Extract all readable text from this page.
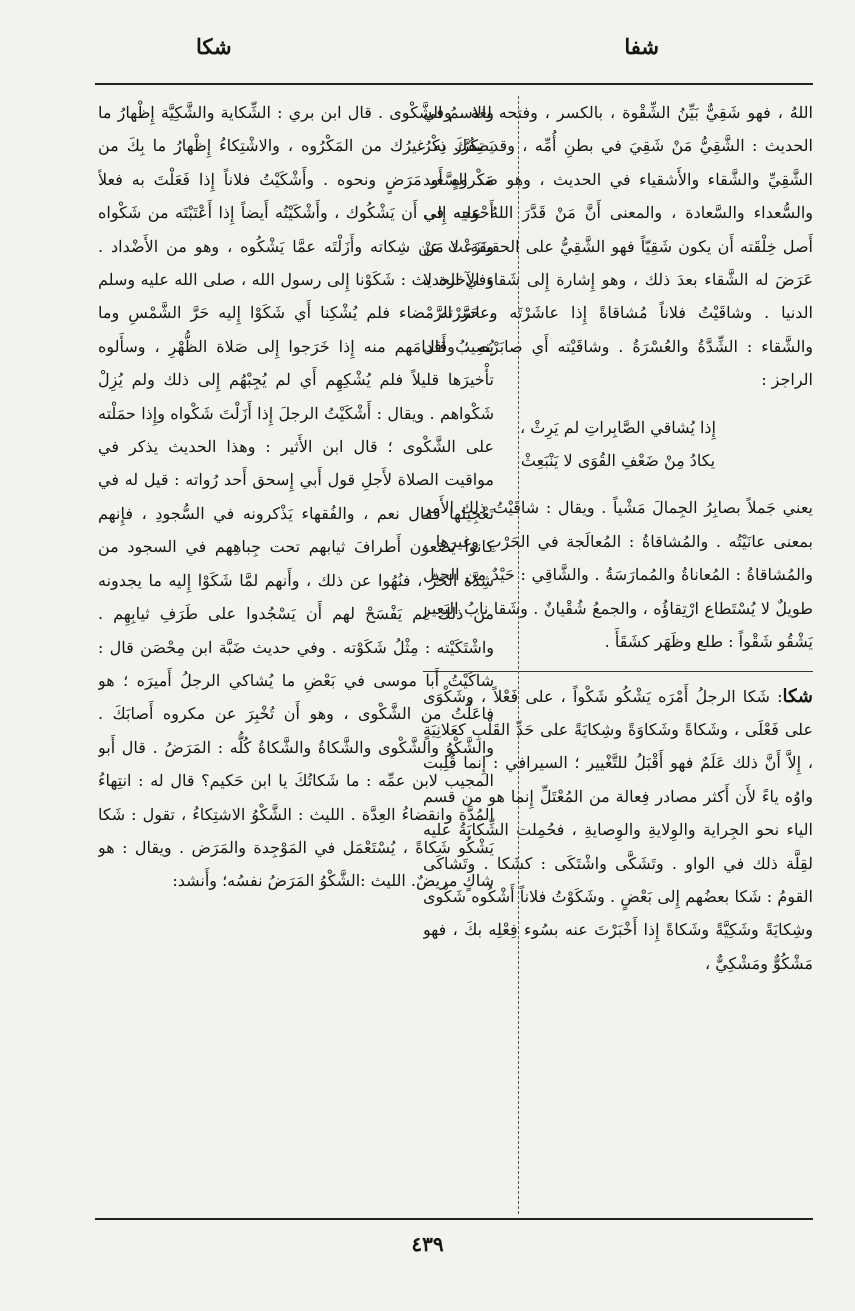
شفا
شكا

اللهُ ، فهو شَقِيٌّ بَيِّنُ الشِّقْوة ، بالكسر ، وفتحه لغة . وفي الحديث : الشَّقِيُّ مَنْ شَقِيَ في بطنِ أُمِّه ، وقد تكرَّر ذِكْرُ الشَّقِيِّ والشَّقاء والأَشقياء في الحديث ، وهو ضد السَّعيد والسُّعداء والسَّعادة ، والمعنى أَنَّ مَنْ قَدَّرَ اللهُ عليه في أَصل خِلْقَته أَن يكون شَقِيّاً فهو الشَّقِيُّ على الحقيقة، لا مَنْ عَرَضَ له الشَّقاء بعدَ ذلك ، وهو إِشارة إِلى شَقاء الآخرة لا الدنيا . وشاقَيْتُ فلاناً مُشاقاةً إِذا عاشَرْتَه وعاسَرْته . والشَّقاء : الشِّدَّةُ والعُسْرَةُ . وشاقَيْته أَي صابَرْته ؛ وقال الراجز :

إِذا يُشاقي الصَّابِراتِ لم يَرِثْ ،

يكادُ مِنْ ضَعْفِ القُوَى لا يَنْبَعِثْ

يعني جَملاً بصابِرُ الجِمالَ مَشْياً . ويقال : شاقَيْتُ ذلك الأَمر بمعنى عانَيْتُه . والمُشاقاةُ : المُعالَجة في الحَرْبِ وغيرها . والمُشاقاةُ : المُعاناةُ والمُمارَسَةُ . والشَّاقِي : حَيْدٌ من الجبل طويلٌ لا يُسْتَطاع ارْتِقاؤُه ، والجمعُ شُقْيانٌ . وشَقا نابُ البَعِيرِ يَشْقُو شَقْواً : طلع وظَهَر كشَقَأَ .

شكا: شَكا الرجلُ أَمْرَه يَشْكُو شَكْواً ، على فَعْلاً ، وشَكْوَى على فَعْلَى ، وشَكاةً وشَكاوَةً وشِكايَةً على حَدِّ القَلْبِ كعَلانِيَةٍ ، إِلاَّ أَنَّ ذلك عَلَمٌ فهو أَقْبَلُ للتَّغْيير ؛ السيرافي : إِنما قُلِبت واوُه ياءً لأَن أَكثر مصادر فِعالة من المُعْتَلِّ إِنما هو من قسم الياء نحو الجِراية والوِلايةِ والوِصايةِ ، فحُمِلت الشِّكايَةُ عليه لقِلَّة ذلك في الواو . وتَشَكَّى واشْتَكَى : كشَكا . وتَشاكَى القومُ : شَكا بعضُهم إِلى بَعْضٍ . وشَكَوْتُ فلاناً أَشْكُوه شَكْوى وشِكايَةً وشَكِيَّةً وشَكاةً إِذا أَخْبَرْتَ عنه بسُوء فِعْلِه بكَ ، فهو مَشْكُوٌّ ومَشْكِيٌّ ،

والاسمُ الشَّكْوى . قال ابن بري : الشِّكاية والشَّكِيَّة إِظْهارُ ما يَصِفُكَ به غيرُك من المَكْرُوه ، والاشْتِكاءُ إِظْهارُ ما بِكَ من مَكْروهٍ أَو مَرَضٍ ونحوه . وأَشْكَيْتُ فلاناً إِذا فَعَلْتَ به فعلاً أَحْوَجه إِلى أَن يَشْكُوك ، وأَشْكَيْتُه أَيضاً إِذا أَعْتَبْتَه من شَكْواه ونَزَعْتَ عن شِكاته وأَزَلْتَه عمَّا يَشْكُوه ، وهو من الأَضْداد . وفي الحديث : شَكَوْنا إِلى رسول الله ، صلى الله عليه وسلم ، حَرَّ الرَّمْضاء فلم يُشْكِنا أَي شَكَوْا إِليه حَرَّ الشَّمْسِ وما يُصِيبُ أَقدامَهم منه إِذا خَرَجوا إِلى صَلاة الظُّهْرِ ، وسأَلوه تأْخيرَها قليلاً فلم يُشْكِهِم أَي لم يُجِبْهُم إِلى ذلك ولم يُزِلْ شَكْواهم . ويقال : أَشْكَيْتُ الرجلَ إِذا أَزَلْتَ شَكْواه وإِذا حمَلْته على الشَّكْوى ؛ قال ابن الأَثير : وهذا الحديث يذكر في مواقيت الصلاة لأَجلِ قول أَبي إِسحق أَحد رُواته : قيل له في تَعْجِيلها فقال نعم ، والفُقهاء يَذْكرونه في السُّجودِ ، فإِنهم كانوا يَضَعون أَطرافَ ثيابهم تحت جِباهِهم في السجود من شِدَّة الحَرِّ ، فنُهُوا عن ذلك ، وأَنهم لمَّا شَكَوْا إِليه ما يجدونه من ذلك لم يَفْسَحْ لهم أَن يَسْجُدوا على طَرَفِ ثيابِهِم . واشْتَكَيْته : مِثْلُ شَكَوْته . وفي حديث ضَبَّة ابن مِحْصَن قال : شاكَيْتُ أَبا موسى في بَعْضِ ما يُشاكي الرجلُ أَميرَه ؛ هو فاعَلْتُ من الشَّكْوى ، وهو أَن تُخْبِرَ عن مكروه أَصابَكَ . والشَّكْوُ والشَّكْوى والشَّكاةُ والشَّكاةُ كُلُّه : المَرَضُ . قال أَبو المجيب لابن عمِّه : ما شَكاتُكَ يا ابن حَكيم؟ قال له : انتِهاءُ المُدَّة وانقضاءُ العِدَّة . الليث : الشَّكْوُ الاشتِكاءُ ، تقول : شَكا يَشْكُو شَكاةً ، يُسْتَعْمَل في المَوْجِدة والمَرَض . ويقال : هو شاكٍ مريضٌ. الليث :الشَّكْوُ المَرَضُ نفسُه؛ وأَنشد:

٤٣٩
